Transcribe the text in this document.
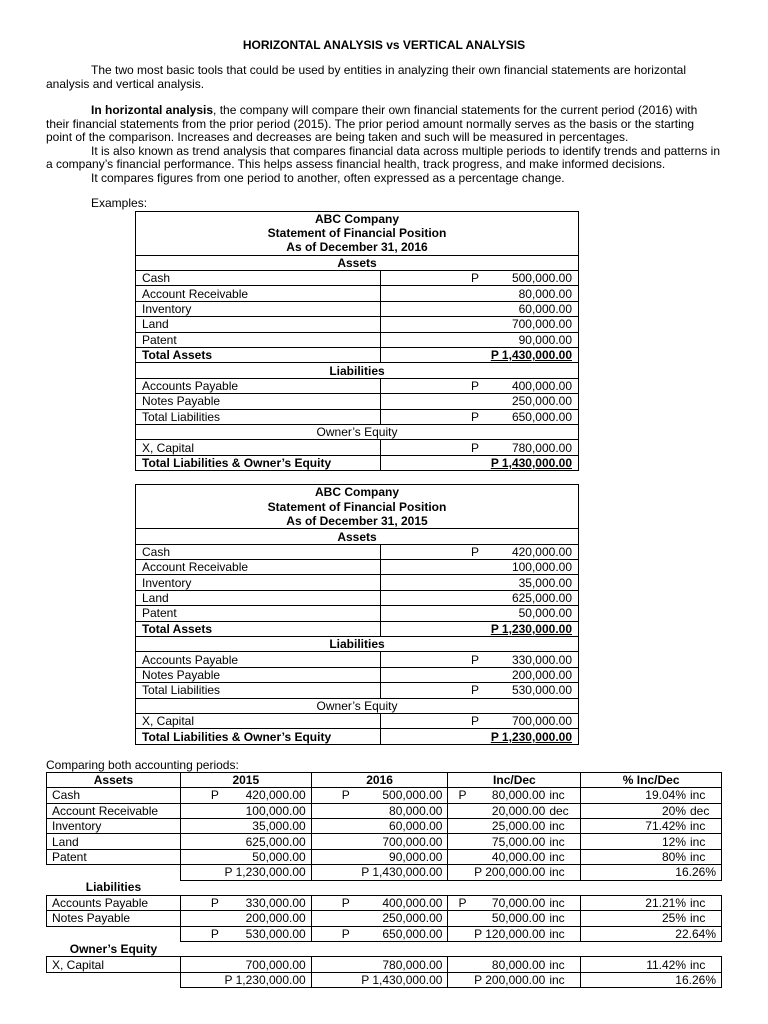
HORIZONTAL ANALYSIS vs VERTICAL ANALYSIS

The two most basic tools that could be used by entities in analyzing their own financial statements are horizontal analysis and vertical analysis.

In horizontal analysis, the company will compare their own financial statements for the current period (2016) with their financial statements from the prior period (2015). The prior period amount normally serves as the basis or the starting point of the comparison. Increases and decreases are being taken and such will be measured in percentages.

It is also known as trend analysis that compares financial data across multiple periods to identify trends and patterns in a company’s financial performance. This helps assess financial health, track progress, and make informed decisions.

It compares figures from one period to another, often expressed as a percentage change.

Examples:
ABC Company	
Statement of Financial Position	
As of December 31, 2016	
Assets	
Cash	P 500,000.00
Account Receivable	80,000.00
Inventory	60,000.00
Land	700,000.00
Patent	90,000.00
Total Assets	P 1,430,000.00
Liabilities	
Accounts Payable	P 400,000.00
Notes Payable	250,000.00
Total Liabilities	P 650,000.00
Owner’s Equity	
X, Capital	P 780,000.00
Total Liabilities & Owner’s Equity	P 1,430,000.00
ABC Company	
Statement of Financial Position	
As of December 31, 2015	
Assets	
Cash	P 420,000.00
Account Receivable	100,000.00
Inventory	35,000.00
Land	625,000.00
Patent	50,000.00
Total Assets	P 1,230,000.00
Liabilities	
Accounts Payable	P 330,000.00
Notes Payable	200,000.00
Total Liabilities	P 530,000.00
Owner’s Equity	
X, Capital	P 700,000.00
Total Liabilities & Owner’s Equity	P 1,230,000.00
Comparing both accounting periods:
Assets	2015	2016	Inc/Dec	% Inc/Dec
Cash	P 420,000.00	P 500,000.00	P 80,000.00 inc	19.04% inc
Account Receivable	100,000.00	80,000.00	20,000.00 dec	20% dec
Inventory	35,000.00	60,000.00	25,000.00 inc	71.42% inc
Land	625,000.00	700,000.00	75,000.00 inc	12% inc
Patent	50,000.00	90,000.00	40,000.00 inc	80% inc
	P 1,230,000.00	P 1,430,000.00	P 200,000.00 inc	16.26%
Liabilities				
Accounts Payable	P 330,000.00	P 400,000.00	P 70,000.00 inc	21.21% inc
Notes Payable	200,000.00	250,000.00	50,000.00 inc	25% inc

	P 530,000.00	P 650,000.00	P 120,000.00 inc	22.64%
Owner’s Equity				
X, Capital	700,000.00	780,000.00	80,000.00 inc	11.42% inc
	P 1,230,000.00	P 1,430,000.00	P 200,000.00 inc	16.26%
